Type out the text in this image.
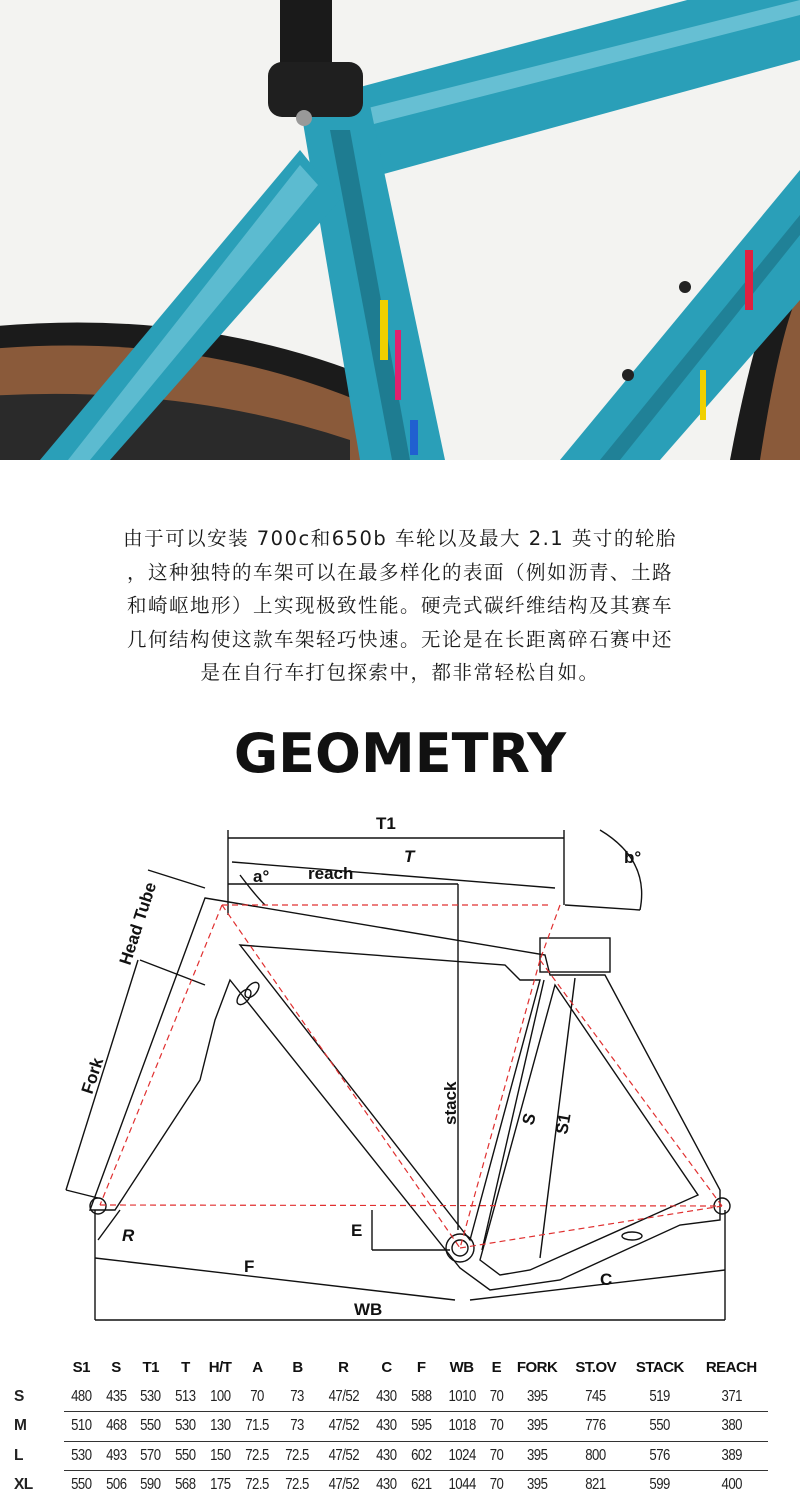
由于可以安装 700c和650b 车轮以及最大 2.1 英寸的轮胎
，这种独特的车架可以在最多样化的表面（例如沥青、土路
和崎岖地形）上实现极致性能。硬壳式碳纤维结构及其赛车
几何结构使这款车架轻巧快速。无论是在长距离碎石赛中还
是在自行车打包探索中，都非常轻松自如。
GEOMETRY
T1
T
reach
a°
b°
Head Tube
Fork
stack	S S1
E
R
F
C
WB
	S1	S	T1	T	H/T	A	B	R	C	F	WB	E	FORK	ST.OV	STACK	REACH
S	480	435	530	513	100	70	73	47/52	430	588	1010	70	395	745	519	371
M	510	468	550	530	130	71.5	73	47/52	430	595	1018	70	395	776	550	380
L	530	493	570	550	150	72.5	72.5	47/52	430	602	1024	70	395	800	576	389
XL	550	506	590	568	175	72.5	72.5	47/52	430	621	1044	70	395	821	599	400
